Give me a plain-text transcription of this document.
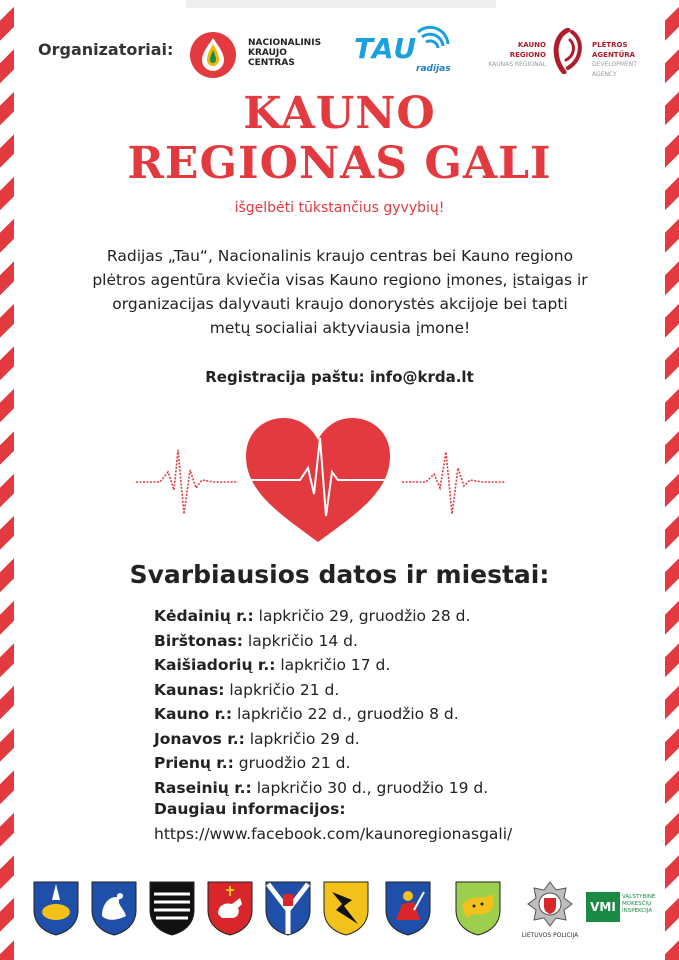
Organizatoriai:	NACIONALINIS
KRAUJO
CENTRAS	TAU
radijas
KAUNO REGIONO
KAUNAS REGIONAL
PLĖTROS AGENTŪRA
DEVELOPMENT AGENCY
KAUNO
REGIONAS GALI
išgelbėti tūkstančius gyvybių!
Radijas „Tau“, Nacionalinis kraujo centras bei Kauno regiono plėtros agentūra kviečia visas Kauno regiono įmones, įstaigas ir organizacijas dalyvauti kraujo donorystės akcijoje bei tapti metų socialiai aktyviausia įmone!
Registracija paštu: info@krda.lt
Svarbiausios datos ir miestai:
Kėdainių r.: lapkričio 29, gruodžio 28 d.
Birštonas: lapkričio 14 d.
Kaišiadorių r.: lapkričio 17 d.
Kaunas: lapkričio 21 d.
Kauno r.: lapkričio 22 d., gruodžio 8 d.
Jonavos r.: lapkričio 29 d.
Prienų r.: gruodžio 21 d.
Raseinių r.: lapkričio 30 d., gruodžio 19 d.
Daugiau informacijos:
https://www.facebook.com/kaunoregionasgali/
LIETUVOS POLICIJA
VMI
VALSTYBINĖ MOKESČIŲ INSPEKCIJA
